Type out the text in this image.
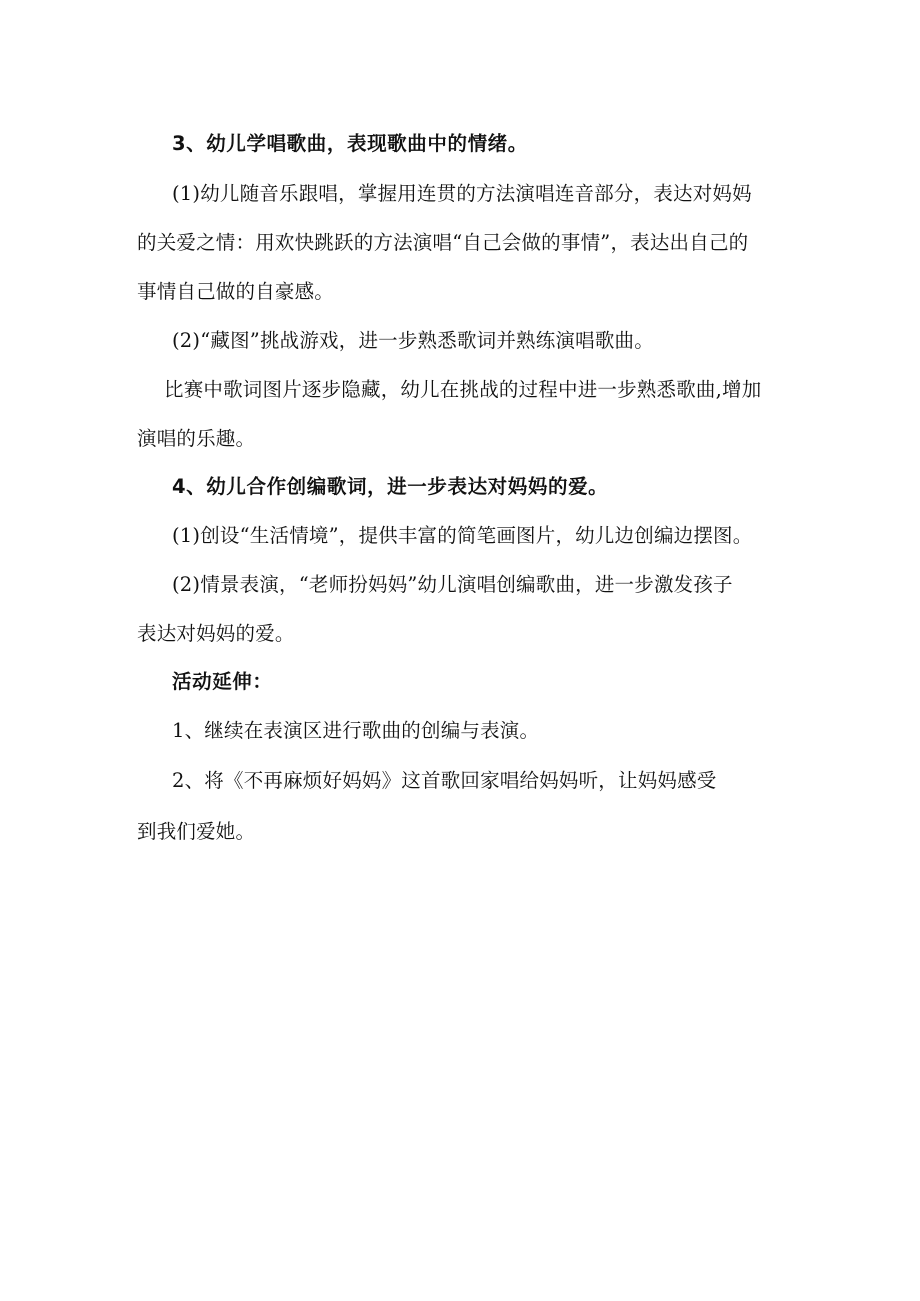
3、幼儿学唱歌曲，表现歌曲中的情绪。
(1)幼儿随音乐跟唱，掌握用连贯的方法演唱连音部分，表达对妈妈
的关爱之情：用欢快跳跃的方法演唱“自己会做的事情”，表达出自己的
事情自己做的自豪感。
(2)“藏图”挑战游戏，进一步熟悉歌词并熟练演唱歌曲。
比赛中歌词图片逐步隐藏，幼儿在挑战的过程中进一步熟悉歌曲,增加
演唱的乐趣。
4、幼儿合作创编歌词，进一步表达对妈妈的爱。
(1)创设“生活情境”，提供丰富的简笔画图片，幼儿边创编边摆图。
(2)情景表演，“老师扮妈妈”幼儿演唱创编歌曲，进一步激发孩子
表达对妈妈的爱。
活动延伸：
1、继续在表演区进行歌曲的创编与表演。
2、将《不再麻烦好妈妈》这首歌回家唱给妈妈听，让妈妈感受
到我们爱她。
